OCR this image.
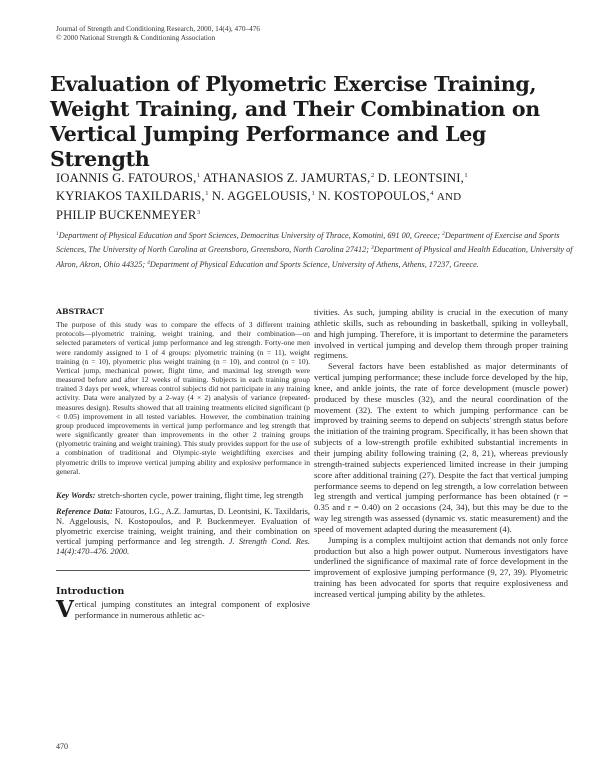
Journal of Strength and Conditioning Research, 2000, 14(4), 470–476
© 2000 National Strength & Conditioning Association
Evaluation of Plyometric Exercise Training, Weight Training, and Their Combination on Vertical Jumping Performance and Leg Strength
IOANNIS G. FATOUROS,$^1$ ATHANASIOS Z. JAMURTAS,$^2$ D. LEONTSINI,$^1$
KYRIAKOS TAXILDARIS,$^1$ N. AGGELOUSIS,$^1$ N. KOSTOPOULOS,$^4$ AND
PHILIP BUCKENMEYER$^3$
$^1$Department of Physical Education and Sport Sciences, Democritus University of Thrace, Komotini, 691 00, Greece; $^2$Department of Exercise and Sports Sciences, The University of North Carolina at Greensboro, Greensboro, North Carolina 27412; $^3$Department of Physical and Health Education, University of Akron, Akron, Ohio 44325; $^4$Department of Physical Education and Sports Science, University of Athens, Athens, 17237, Greece.
ABSTRACT

The purpose of this study was to compare the effects of 3 different training protocols—plyometric training, weight training, and their combination—on selected parameters of vertical jump performance and leg strength. Forty-one men were randomly assigned to 1 of 4 groups: plyometric training (n = 11), weight training (n = 10), plyometric plus weight training (n = 10), and control (n = 10). Vertical jump, mechanical power, flight time, and maximal leg strength were measured before and after 12 weeks of training. Subjects in each training group trained 3 days per week, whereas control subjects did not participate in any training activity. Data were analyzed by a 2-way (4 × 2) analysis of variance (repeated-measures design). Results showed that all training treatments elicited significant (p < 0.05) improvement in all tested variables. However, the combination training group produced improvements in vertical jump performance and leg strength that were significantly greater than improvements in the other 2 training groups (plyometric training and weight training). This study provides support for the use of a combination of traditional and Olympic-style weightlifting exercises and plyometric drills to improve vertical jumping ability and explosive performance in general.

Key Words: stretch-shorten cycle, power training, flight time, leg strength

Reference Data: Fatouros, I.G., A.Z. Jamurtas, D. Leontsini, K. Taxildaris, N. Aggelousis, N. Kostopoulos, and P. Buckenmeyer. Evaluation of plyometric exercise training, weight training, and their combination on vertical jumping performance and leg strength. J. Strength Cond. Res. 14(4):470–476. 2000.

Introduction

Vertical jumping constitutes an integral component of explosive performance in numerous athletic ac-

tivities. As such, jumping ability is crucial in the execution of many athletic skills, such as rebounding in basketball, spiking in volleyball, and high jumping. Therefore, it is important to determine the parameters involved in vertical jumping and develop them through proper training regimens.

Several factors have been established as major determinants of vertical jumping performance; these include force developed by the hip, knee, and ankle joints, the rate of force development (muscle power) produced by these muscles (32), and the neural coordination of the movement (32). The extent to which jumping performance can be improved by training seems to depend on subjects' strength status before the initiation of the training program. Specifically, it has been shown that subjects of a low-strength profile exhibited substantial increments in their jumping ability following training (2, 8, 21), whereas previously strength-trained subjects experienced limited increase in their jumping score after additional training (27). Despite the fact that vertical jumping performance seems to depend on leg strength, a low correlation between leg strength and vertical jumping performance has been obtained (r = 0.35 and r = 0.40) on 2 occasions (24, 34), but this may be due to the way leg strength was assessed (dynamic vs. static measurement) and the speed of movement adapted during the measurement (4).

Jumping is a complex multijoint action that demands not only force production but also a high power output. Numerous investigators have underlined the significance of maximal rate of force development in the improvement of explosive jumping performance (9, 27, 39). Plyometric training has been advocated for sports that require explosiveness and increased vertical jumping ability by the athletes.

470
